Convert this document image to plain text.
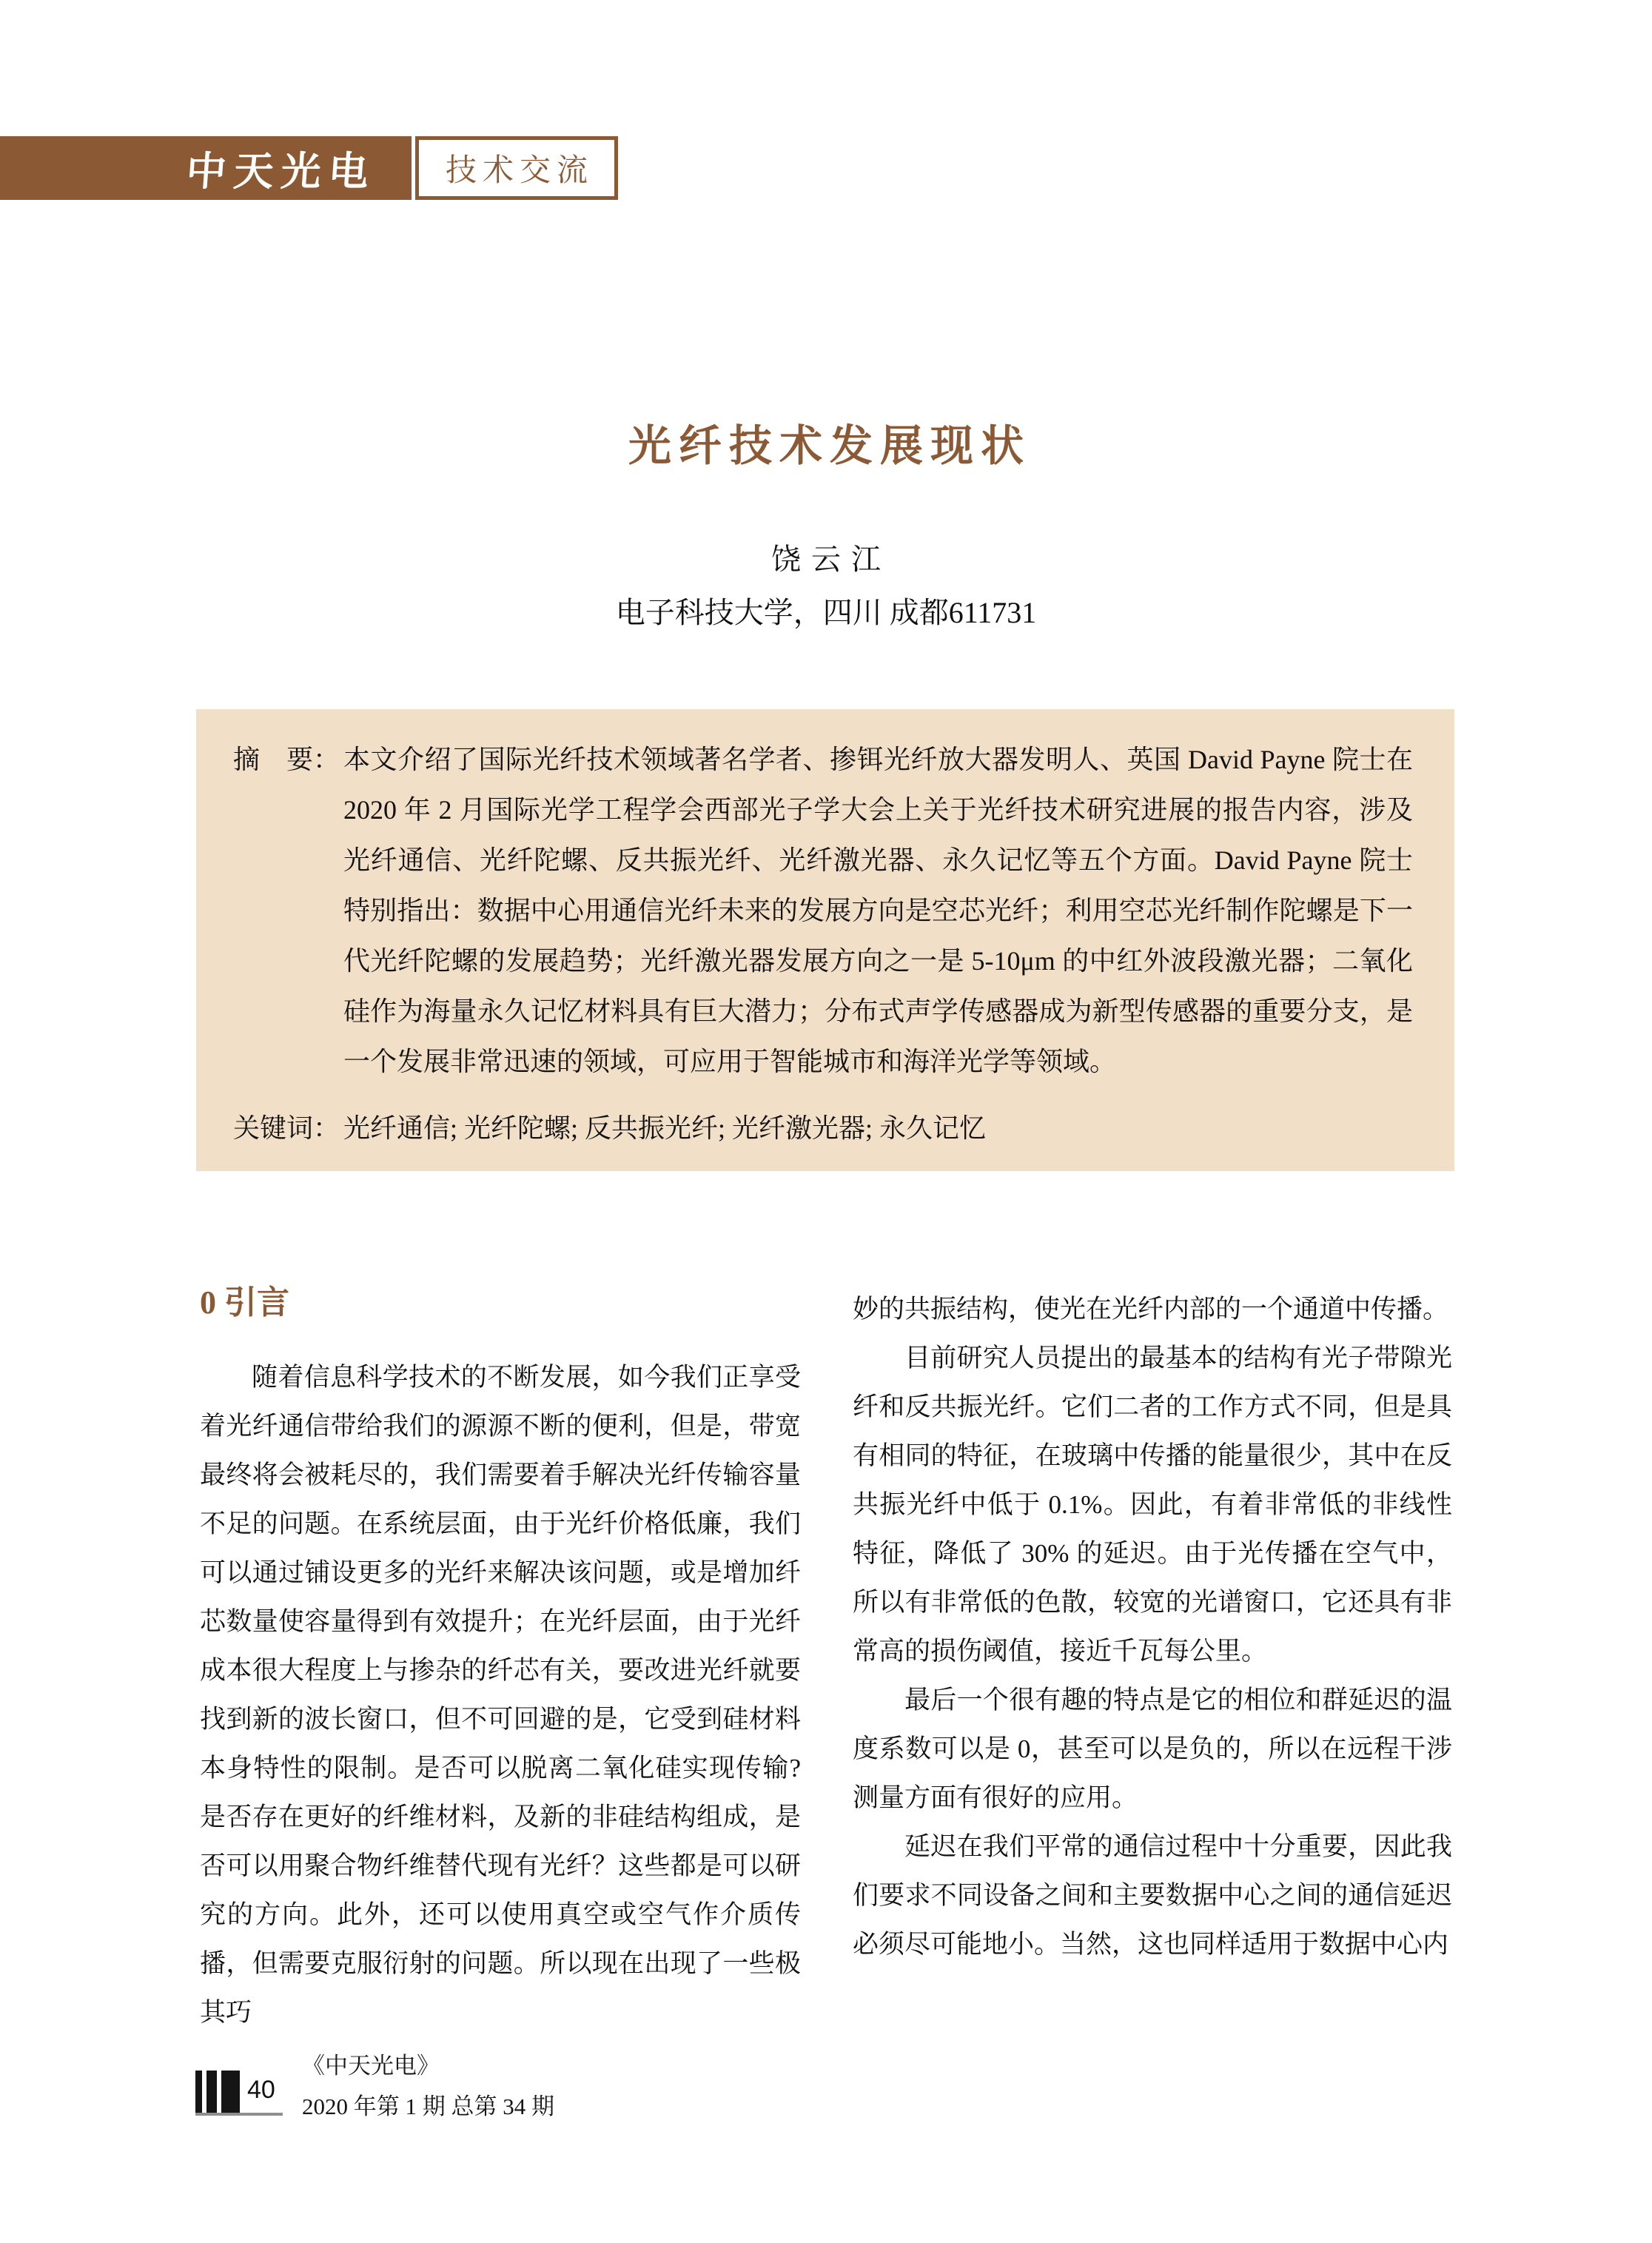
中天光电 技术交流
光纤技术发展现状
饶云江
电子科技大学，四川 成都611731
摘　要： 本文介绍了国际光纤技术领域著名学者、掺铒光纤放大器发明人、英国 David Payne 院士在 2020 年 2 月国际光学工程学会西部光子学大会上关于光纤技术研究进展的报告内容，涉及光纤通信、光纤陀螺、反共振光纤、光纤激光器、永久记忆等五个方面。David Payne 院士特别指出：数据中心用通信光纤未来的发展方向是空芯光纤；利用空芯光纤制作陀螺是下一代光纤陀螺的发展趋势；光纤激光器发展方向之一是 5-10μm 的中红外波段激光器；二氧化硅作为海量永久记忆材料具有巨大潜力；分布式声学传感器成为新型传感器的重要分支，是一个发展非常迅速的领域，可应用于智能城市和海洋光学等领域。

关键词： 光纤通信; 光纤陀螺; 反共振光纤; 光纤激光器; 永久记忆

0 引言

随着信息科学技术的不断发展，如今我们正享受着光纤通信带给我们的源源不断的便利，但是，带宽最终将会被耗尽的，我们需要着手解决光纤传输容量不足的问题。在系统层面，由于光纤价格低廉，我们可以通过铺设更多的光纤来解决该问题，或是增加纤芯数量使容量得到有效提升；在光纤层面，由于光纤成本很大程度上与掺杂的纤芯有关，要改进光纤就要找到新的波长窗口，但不可回避的是，它受到硅材料本身特性的限制。是否可以脱离二氧化硅实现传输? 是否存在更好的纤维材料，及新的非硅结构组成，是否可以用聚合物纤维替代现有光纤？这些都是可以研究的方向。此外，还可以使用真空或空气作介质传播，但需要克服衍射的问题。所以现在出现了一些极其巧

妙的共振结构，使光在光纤内部的一个通道中传播。

目前研究人员提出的最基本的结构有光子带隙光纤和反共振光纤。它们二者的工作方式不同，但是具有相同的特征，在玻璃中传播的能量很少，其中在反共振光纤中低于 0.1%。因此，有着非常低的非线性特征，降低了 30% 的延迟。由于光传播在空气中，所以有非常低的色散，较宽的光谱窗口，它还具有非常高的损伤阈值，接近千瓦每公里。

最后一个很有趣的特点是它的相位和群延迟的温度系数可以是 0，甚至可以是负的，所以在远程干涉测量方面有很好的应用。

延迟在我们平常的通信过程中十分重要，因此我们要求不同设备之间和主要数据中心之间的通信延迟必须尽可能地小。当然，这也同样适用于数据中心内

40
《中天光电》
2020 年第 1 期 总第 34 期
